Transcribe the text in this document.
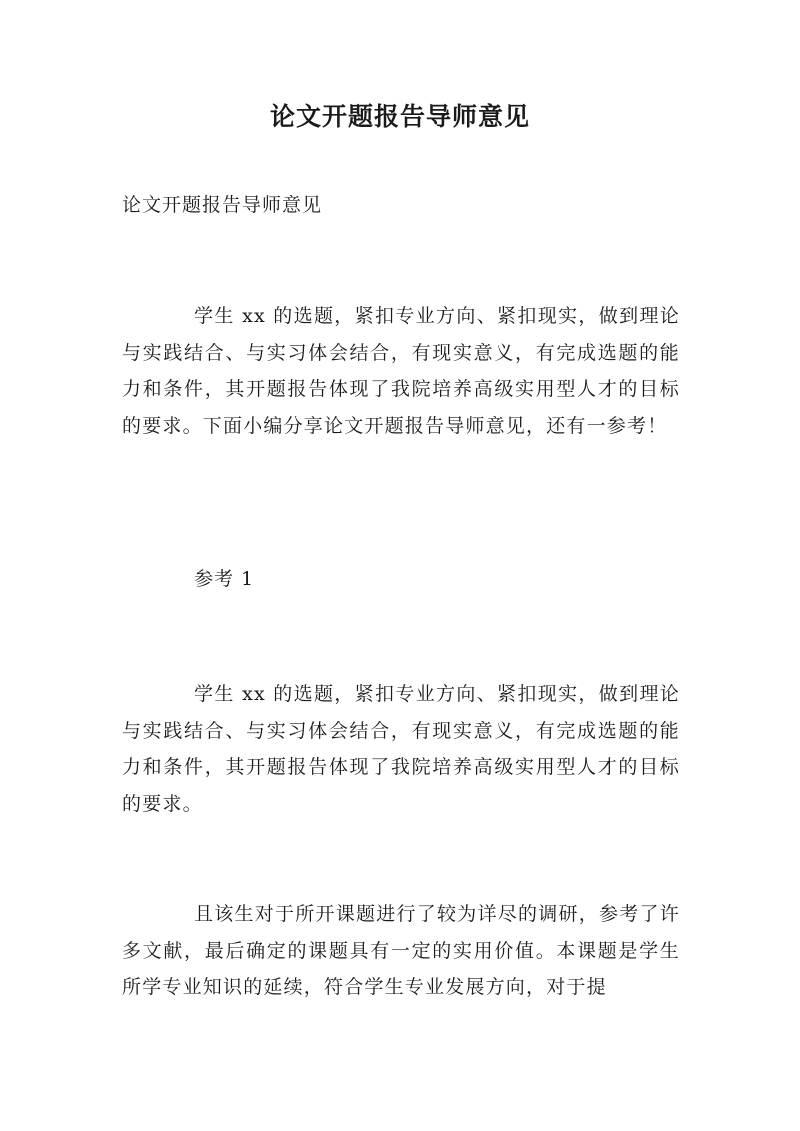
论文开题报告导师意见

论文开题报告导师意见

学生 xx 的选题，紧扣专业方向、紧扣现实，做到理论与实践结合、与实习体会结合，有现实意义，有完成选题的能力和条件，其开题报告体现了我院培养高级实用型人才的目标的要求。下面小编分享论文开题报告导师意见，还有一参考！

参考 1

学生 xx 的选题，紧扣专业方向、紧扣现实，做到理论与实践结合、与实习体会结合，有现实意义，有完成选题的能力和条件，其开题报告体现了我院培养高级实用型人才的目标的要求。

且该生对于所开课题进行了较为详尽的调研，参考了许多文献，最后确定的课题具有一定的实用价值。本课题是学生所学专业知识的延续，符合学生专业发展方向，对于提
